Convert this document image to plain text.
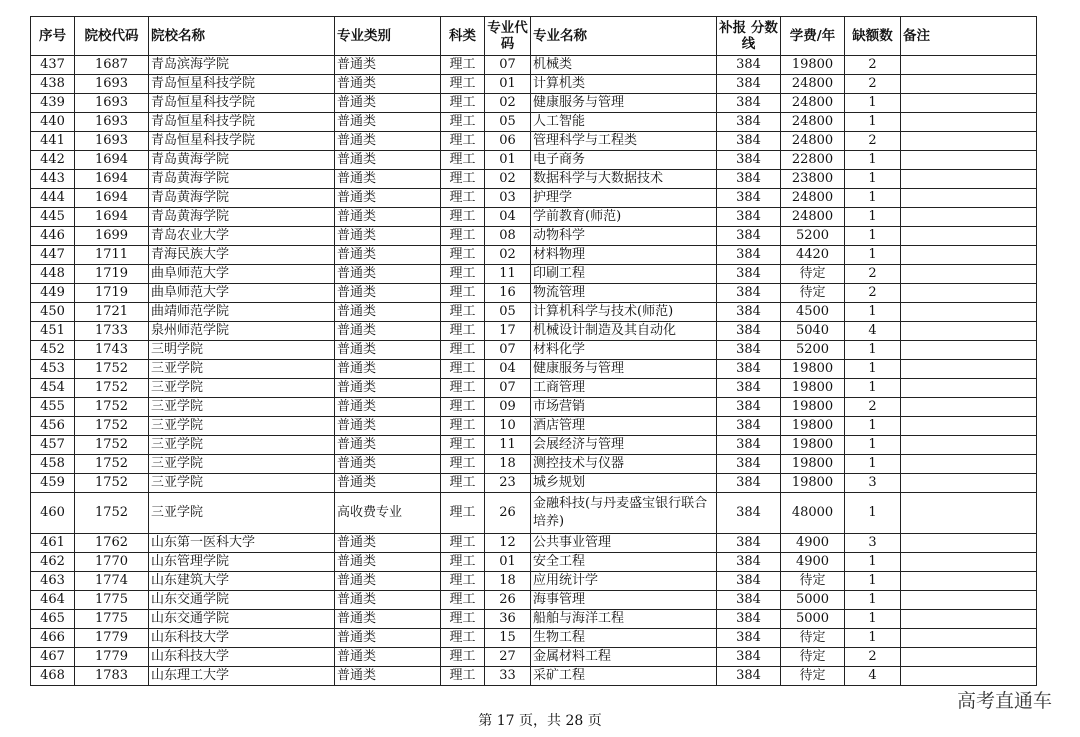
序号	院校代码	院校名称	专业类别	科类	专业代码	专业名称	补报 分数线	学费/年	缺额数	备注
437	1687	青岛滨海学院	普通类	理工	07	机械类	384	19800	2	
438	1693	青岛恒星科技学院	普通类	理工	01	计算机类	384	24800	2	
439	1693	青岛恒星科技学院	普通类	理工	02	健康服务与管理	384	24800	1	
440	1693	青岛恒星科技学院	普通类	理工	05	人工智能	384	24800	1	
441	1693	青岛恒星科技学院	普通类	理工	06	管理科学与工程类	384	24800	2	
442	1694	青岛黄海学院	普通类	理工	01	电子商务	384	22800	1	
443	1694	青岛黄海学院	普通类	理工	02	数据科学与大数据技术	384	23800	1	
444	1694	青岛黄海学院	普通类	理工	03	护理学	384	24800	1	
445	1694	青岛黄海学院	普通类	理工	04	学前教育(师范)	384	24800	1	
446	1699	青岛农业大学	普通类	理工	08	动物科学	384	5200	1	
447	1711	青海民族大学	普通类	理工	02	材料物理	384	4420	1	
448	1719	曲阜师范大学	普通类	理工	11	印刷工程	384	待定	2	
449	1719	曲阜师范大学	普通类	理工	16	物流管理	384	待定	2	
450	1721	曲靖师范学院	普通类	理工	05	计算机科学与技术(师范)	384	4500	1	
451	1733	泉州师范学院	普通类	理工	17	机械设计制造及其自动化	384	5040	4	
452	1743	三明学院	普通类	理工	07	材料化学	384	5200	1	
453	1752	三亚学院	普通类	理工	04	健康服务与管理	384	19800	1	
454	1752	三亚学院	普通类	理工	07	工商管理	384	19800	1	
455	1752	三亚学院	普通类	理工	09	市场营销	384	19800	2	
456	1752	三亚学院	普通类	理工	10	酒店管理	384	19800	1	
457	1752	三亚学院	普通类	理工	11	会展经济与管理	384	19800	1	
458	1752	三亚学院	普通类	理工	18	测控技术与仪器	384	19800	1	
459	1752	三亚学院	普通类	理工	23	城乡规划	384	19800	3	
460	1752	三亚学院	高收费专业	理工	26	金融科技(与丹麦盛宝银行联合培养)	384	48000	1	
461	1762	山东第一医科大学	普通类	理工	12	公共事业管理	384	4900	3	
462	1770	山东管理学院	普通类	理工	01	安全工程	384	4900	1	
463	1774	山东建筑大学	普通类	理工	18	应用统计学	384	待定	1	
464	1775	山东交通学院	普通类	理工	26	海事管理	384	5000	1	
465	1775	山东交通学院	普通类	理工	36	船舶与海洋工程	384	5000	1	
466	1779	山东科技大学	普通类	理工	15	生物工程	384	待定	1	
467	1779	山东科技大学	普通类	理工	27	金属材料工程	384	待定	2	
468	1783	山东理工大学	普通类	理工	33	采矿工程	384	待定	4	
第 17 页，共 28 页
高考直通车
